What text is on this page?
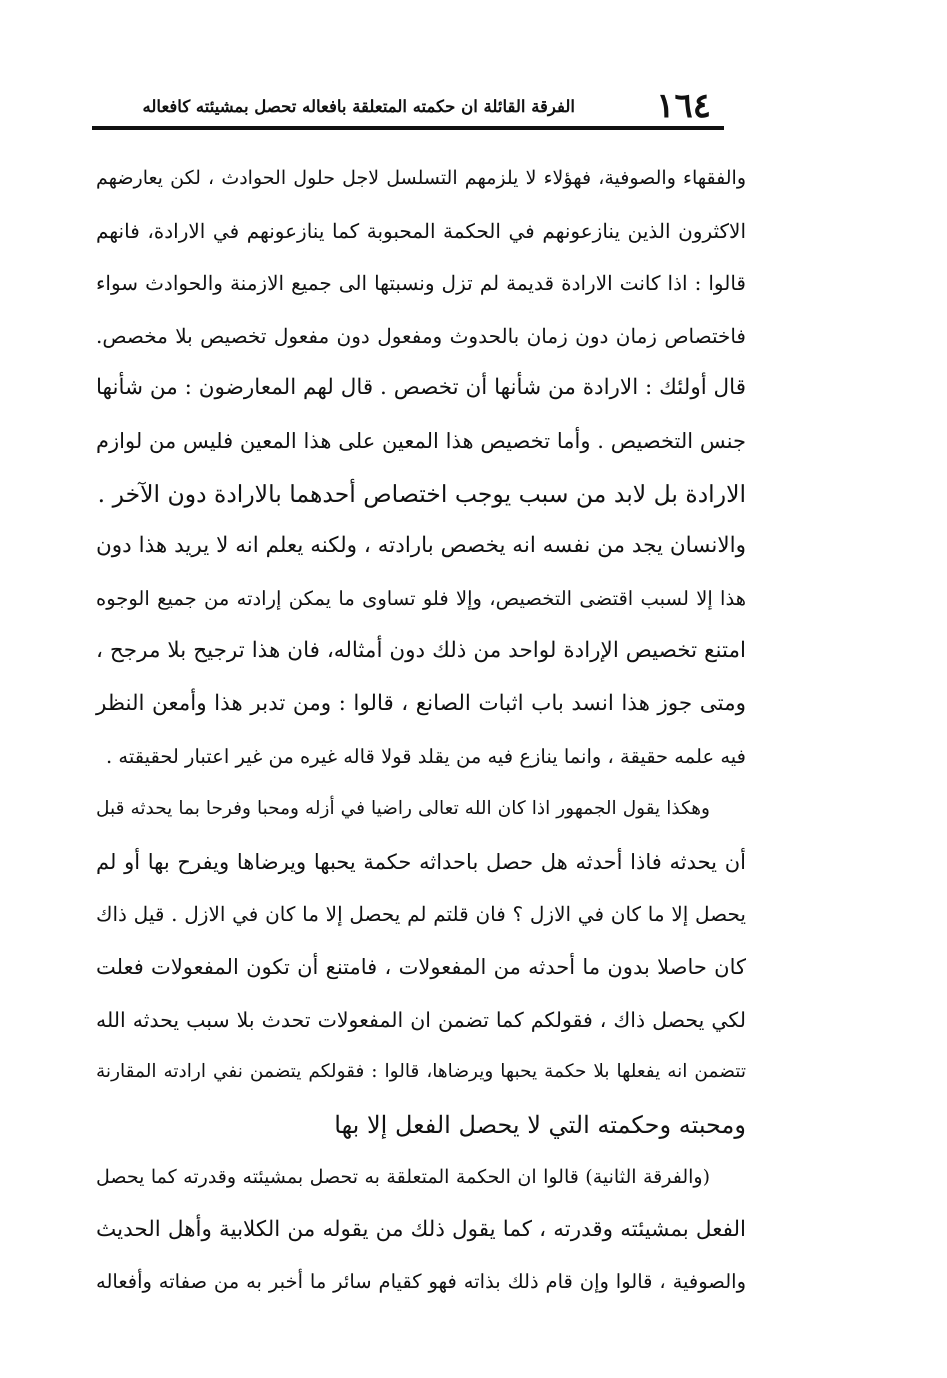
١٦٤
الفرقة القائلة ان حكمته المتعلقة بافعاله تحصل بمشيئته كافعاله
والفقهاء والصوفية، فهؤلاء لا يلزمهم التسلسل لاجل حلول الحوادث ، لكن يعارضهم
الاكثرون الذين ينازعونهم في الحكمة المحبوبة كما ينازعونهم في الارادة، فانهم
قالوا : اذا كانت الارادة قديمة لم تزل ونسبتها الى جميع الازمنة والحوادث سواء
فاختصاص زمان دون زمان بالحدوث ومفعول دون مفعول تخصيص بلا مخصص.
قال أولئك : الارادة من شأنها أن تخصص . قال لهم المعارضون : من شأنها
جنس التخصيص . وأما تخصيص هذا المعين على هذا المعين فليس من لوازم
الارادة بل لابد من سبب يوجب اختصاص أحدهما بالارادة دون الآخر .
والانسان يجد من نفسه انه يخصص بارادته ، ولكنه يعلم انه لا يريد هذا دون
هذا إلا لسبب اقتضى التخصيص، وإلا فلو تساوى ما يمكن إرادته من جميع الوجوه
امتنع تخصيص الإرادة لواحد من ذلك دون أمثاله، فان هذا ترجيح بلا مرجح ،
ومتى جوز هذا انسد باب اثبات الصانع ، قالوا : ومن تدبر هذا وأمعن النظر
فيه علمه حقيقة ، وانما ينازع فيه من يقلد قولا قاله غيره من غير اعتبار لحقيقته .
وهكذا يقول الجمهور اذا كان الله تعالى راضيا في أزله ومحبا وفرحا بما يحدثه قبل
أن يحدثه فاذا أحدثه هل حصل باحداثه حكمة يحبها ويرضاها ويفرح بها أو لم
يحصل إلا ما كان في الازل ؟ فان قلتم لم يحصل إلا ما كان في الازل . قيل ذاك
كان حاصلا بدون ما أحدثه من المفعولات ، فامتنع أن تكون المفعولات فعلت
لكي يحصل ذاك ، فقولكم كما تضمن ان المفعولات تحدث بلا سبب يحدثه الله
تتضمن انه يفعلها بلا حكمة يحبها ويرضاها، قالوا : فقولكم يتضمن نفي ارادته المقارنة
ومحبته وحكمته التي لا يحصل الفعل إلا بها
(والفرقة الثانية) قالوا ان الحكمة المتعلقة به تحصل بمشيئته وقدرته كما يحصل
الفعل بمشيئته وقدرته ، كما يقول ذلك من يقوله من الكلابية وأهل الحديث
والصوفية ، قالوا وإن قام ذلك بذاته فهو كقيام سائر ما أخبر به من صفاته وأفعاله
